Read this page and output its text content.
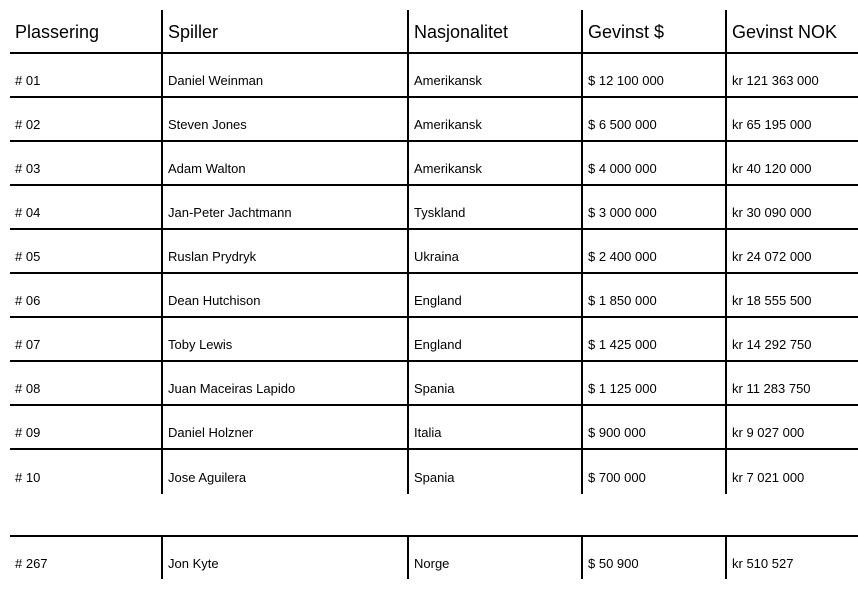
Plassering	Spiller	Nasjonalitet	Gevinst $	Gevinst NOK
# 01	Daniel Weinman	Amerikansk	$ 12 100 000	kr 121 363 000
# 02	Steven Jones	Amerikansk	$ 6 500 000	kr 65 195 000
# 03	Adam Walton	Amerikansk	$ 4 000 000	kr 40 120 000
# 04	Jan-Peter Jachtmann	Tyskland	$ 3 000 000	kr 30 090 000
# 05	Ruslan Prydryk	Ukraina	$ 2 400 000	kr 24 072 000
# 06	Dean Hutchison	England	$ 1 850 000	kr 18 555 500
# 07	Toby Lewis	England	$ 1 425 000	kr 14 292 750
# 08	Juan Maceiras Lapido	Spania	$ 1 125 000	kr 11 283 750
# 09	Daniel Holzner	Italia	$ 900 000	kr 9 027 000
# 10	Jose Aguilera	Spania	$ 700 000	kr 7 021 000
# 267	Jon Kyte	Norge	$ 50 900	kr 510 527
